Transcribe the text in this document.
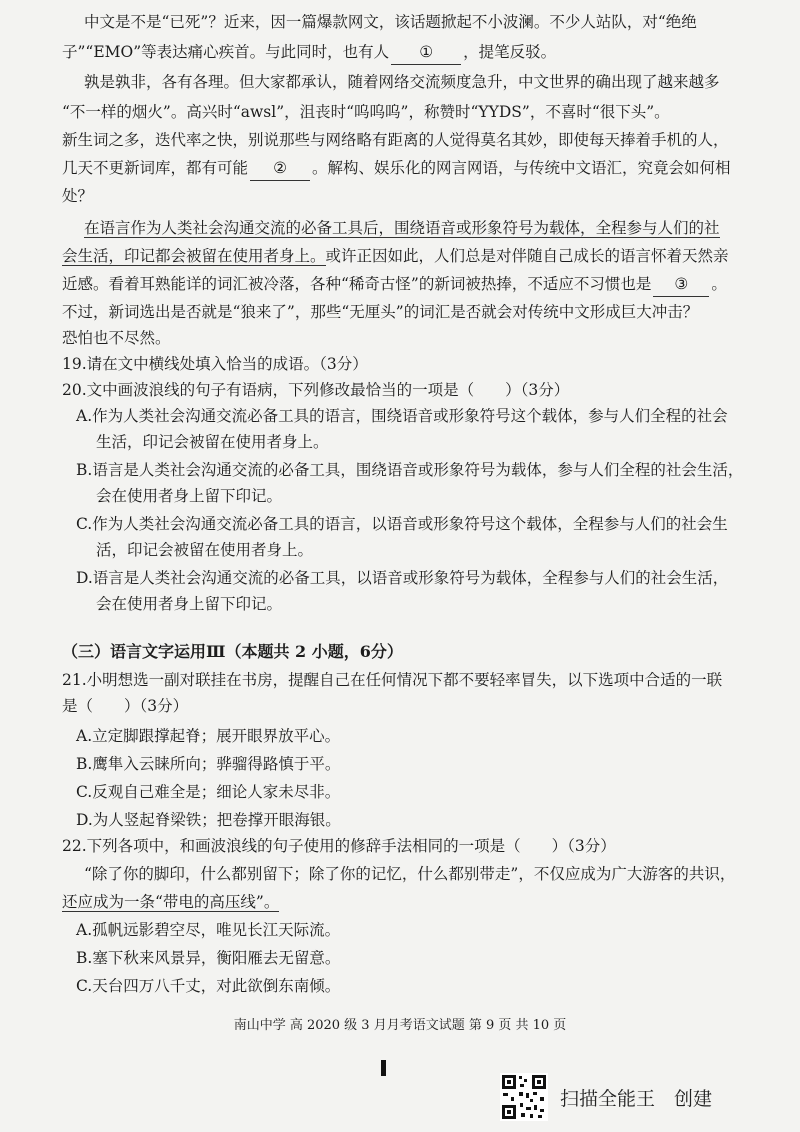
中文是不是“已死”？近来，因一篇爆款网文，该话题掀起不小波澜。不少人站队，对“绝绝
子”“EMO”等表达痛心疾首。与此同时，也有人 ① ，提笔反驳。
孰是孰非，各有各理。但大家都承认，随着网络交流频度急升，中文世界的确出现了越来越多
“不一样的烟火”。高兴时“awsl”，沮丧时“呜呜呜”，称赞时“YYDS”，不喜时“很下头”。
新生词之多，迭代率之快，别说那些与网络略有距离的人觉得莫名其妙，即使每天捧着手机的人，
几天不更新词库，都有可能 ② 。解构、娱乐化的网言网语，与传统中文语汇，究竟会如何相
处？
在语言作为人类社会沟通交流的必备工具后，围绕语音或形象符号为载体，全程参与人们的社
会生活，印记都会被留在使用者身上。或许正因如此，人们总是对伴随自己成长的语言怀着天然亲
近感。看着耳熟能详的词汇被冷落，各种“稀奇古怪”的新词被热捧，不适应不习惯也是 ③ 。
不过，新词选出是否就是“狼来了”，那些“无厘头”的词汇是否就会对传统中文形成巨大冲击？
恐怕也不尽然。
19.请在文中横线处填入恰当的成语。（3分）
20.文中画波浪线的句子有语病，下列修改最恰当的一项是（　　）（3分）
A.作为人类社会沟通交流必备工具的语言，围绕语音或形象符号这个载体，参与人们全程的社会
生活，印记会被留在使用者身上。
B.语言是人类社会沟通交流的必备工具，围绕语音或形象符号为载体，参与人们全程的社会生活，
会在使用者身上留下印记。
C.作为人类社会沟通交流必备工具的语言，以语音或形象符号这个载体，全程参与人们的社会生
活，印记会被留在使用者身上。
D.语言是人类社会沟通交流的必备工具，以语音或形象符号为载体，全程参与人们的社会生活，
会在使用者身上留下印记。
（三）语言文字运用Ⅲ（本题共 2 小题，6分）
21.小明想选一副对联挂在书房，提醒自己在任何情况下都不要轻率冒失，以下选项中合适的一联
是（　　）（3分）
A.立定脚跟撑起脊；展开眼界放平心。
B.鹰隼入云睐所向；骅骝得路慎于平。
C.反观自己难全是；细论人家未尽非。
D.为人竖起脊梁铁；把卷撑开眼海银。
22.下列各项中，和画波浪线的句子使用的修辞手法相同的一项是（　　）（3分）
“除了你的脚印，什么都别留下；除了你的记忆，什么都别带走”，不仅应成为广大游客的共识，
还应成为一条“带电的高压线”。
A.孤帆远影碧空尽，唯见长江天际流。
B.塞下秋来风景异，衡阳雁去无留意。
C.天台四万八千丈，对此欲倒东南倾。
南山中学 高 2020 级 3 月月考语文试题 第 9 页 共 10 页
扫描全能王　创建
